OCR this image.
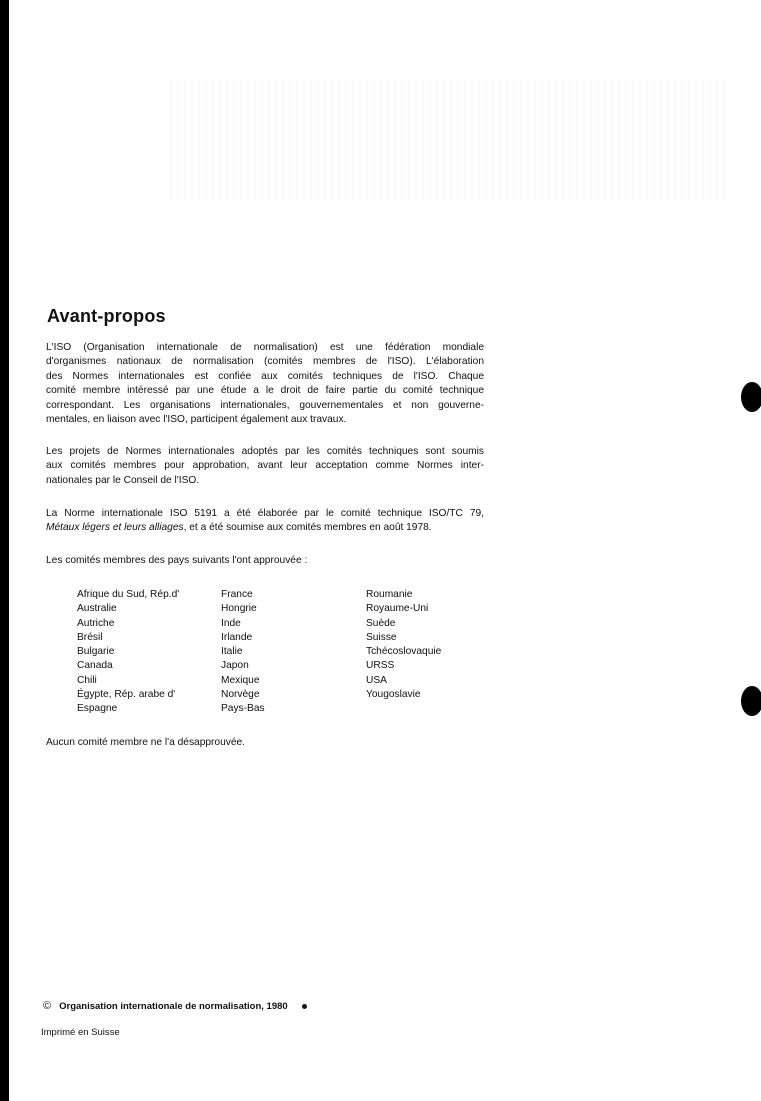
Avant-propos

L'ISO (Organisation internationale de normalisation) est une fédération mondiale
d'organismes nationaux de normalisation (comités membres de l'ISO). L'élaboration
des Normes internationales est confiée aux comités techniques de l'ISO. Chaque
comité membre intéressé par une étude a le droit de faire partie du comité technique
correspondant. Les organisations internationales, gouvernementales et non gouverne-
mentales, en liaison avec l'ISO, participent également aux travaux.

Les projets de Normes internationales adoptés par les comités techniques sont soumis
aux comités membres pour approbation, avant leur acceptation comme Normes inter-
nationales par le Conseil de l'ISO.

La Norme internationale ISO 5191 a été élaborée par le comité technique ISO/TC 79,
Métaux légers et leurs alliages, et a été soumise aux comités membres en août 1978.

Les comités membres des pays suivants l'ont approuvée :

Afrique du Sud, Rép.d'
Australie
Autriche
Brésil
Bulgarie
Canada
Chili
Égypte, Rép. arabe d'
Espagne
France
Hongrie
Inde
Irlande
Italie
Japon
Mexique
Norvège
Pays-Bas
Roumanie
Royaume-Uni
Suède
Suisse
Tchécoslovaquie
URSS
USA
Yougoslavie

Aucun comité membre ne l'a désapprouvée.

© Organisation internationale de normalisation, 1980
Imprimé en Suisse
